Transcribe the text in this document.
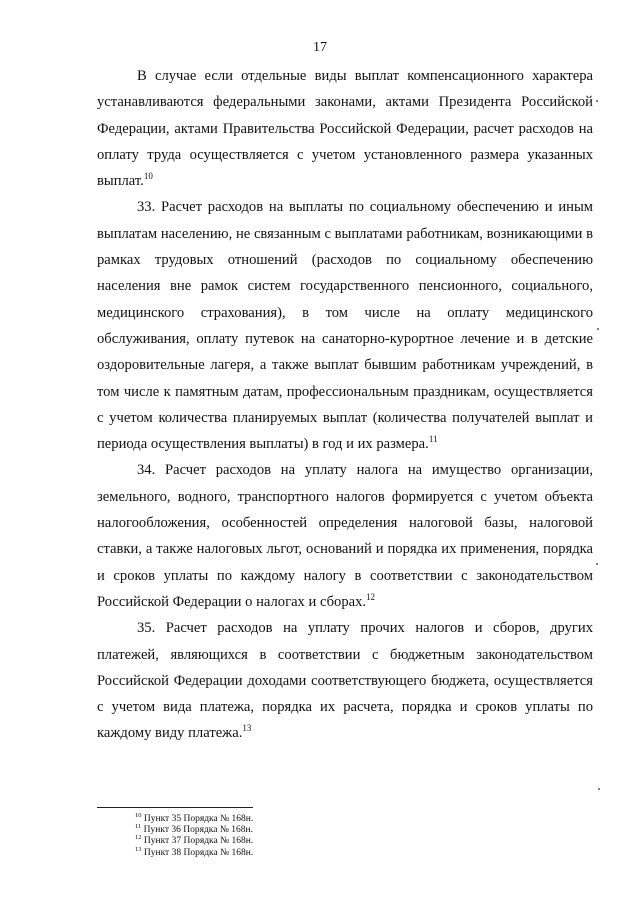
17

В случае если отдельные виды выплат компенсационного характера устанавливаются федеральными законами, актами Президента Российской Федерации, актами Правительства Российской Федерации, расчет расходов на оплату труда осуществляется с учетом установленного размера указанных выплат.$^{10}$

33. Расчет расходов на выплаты по социальному обеспечению и иным выплатам населению, не связанным с выплатами работникам, возникающими в рамках трудовых отношений (расходов по социальному обеспечению населения вне рамок систем государственного пенсионного, социального, медицинского страхования), в том числе на оплату медицинского обслуживания, оплату путевок на санаторно-курортное лечение и в детские оздоровительные лагеря, а также выплат бывшим работникам учреждений, в том числе к памятным датам, профессиональным праздникам, осуществляется с учетом количества планируемых выплат (количества получателей выплат и периода осуществления выплаты) в год и их размера.$^{11}$

34. Расчет расходов на уплату налога на имущество организации, земельного, водного, транспортного налогов формируется с учетом объекта налогообложения, особенностей определения налоговой базы, налоговой ставки, а также налоговых льгот, оснований и порядка их применения, порядка и сроков уплаты по каждому налогу в соответствии с законодательством Российской Федерации о налогах и сборах.$^{12}$

35. Расчет расходов на уплату прочих налогов и сборов, других платежей, являющихся в соответствии с бюджетным законодательством Российской Федерации доходами соответствующего бюджета, осуществляется с учетом вида платежа, порядка их расчета, порядка и сроков уплаты по каждому виду платежа.$^{13}$

$^{10}$ Пункт 35 Порядка № 168н.
$^{11}$ Пункт 36 Порядка № 168н.
$^{12}$ Пункт 37 Порядка № 168н.
$^{13}$ Пункт 38 Порядка № 168н.
